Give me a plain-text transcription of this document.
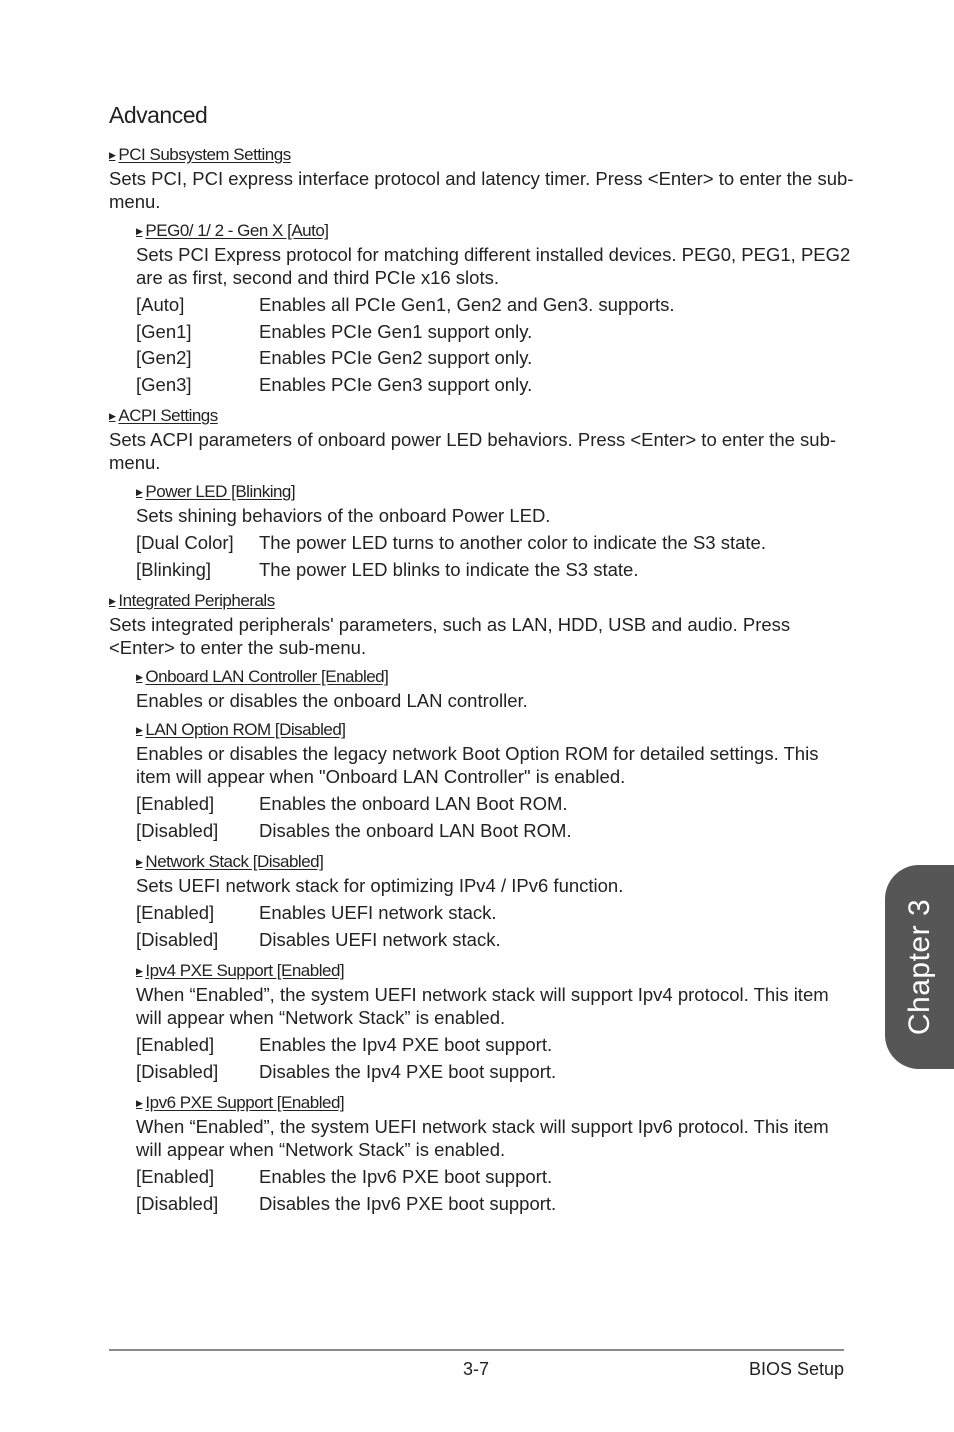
Advanced
▶ PCI Subsystem Settings
Sets PCI, PCI express interface protocol and latency timer. Press <Enter> to enter the sub-menu.
▶ PEG0/ 1/ 2 - Gen X [Auto]
Sets PCI Express protocol for matching different installed devices. PEG0, PEG1, PEG2 are as first, second and third PCIe x16 slots.
[Auto]	Enables all PCIe Gen1, Gen2 and Gen3. supports.
[Gen1]	Enables PCIe Gen1 support only.
[Gen2]	Enables PCIe Gen2 support only.
[Gen3]	Enables PCIe Gen3 support only.
▶ ACPI Settings
Sets ACPI parameters of onboard power LED behaviors. Press <Enter> to enter the sub-menu.
▶ Power LED [Blinking]
Sets shining behaviors of the onboard Power LED.
[Dual Color]	The power LED turns to another color to indicate the S3 state.
[Blinking]	The power LED blinks to indicate the S3 state.
▶ Integrated Peripherals
Sets integrated peripherals' parameters, such as LAN, HDD, USB and audio. Press <Enter> to enter the sub-menu.
▶ Onboard LAN Controller [Enabled]
Enables or disables the onboard LAN controller.
▶ LAN Option ROM [Disabled]
Enables or disables the legacy network Boot Option ROM for detailed settings. This item will appear when "Onboard LAN Controller" is enabled.
[Enabled]	Enables the onboard LAN Boot ROM.
[Disabled]	Disables the onboard LAN Boot ROM.
▶ Network Stack [Disabled]
Sets UEFI network stack for optimizing IPv4 / IPv6 function.
[Enabled]	Enables UEFI network stack.
[Disabled]	Disables UEFI network stack.
▶ Ipv4 PXE Support [Enabled]
When “Enabled”, the system UEFI network stack will support Ipv4 protocol. This item will appear when “Network Stack” is enabled.
[Enabled]	Enables the Ipv4 PXE boot support.
[Disabled]	Disables the Ipv4 PXE boot support.
▶ Ipv6 PXE Support [Enabled]
When “Enabled”, the system UEFI network stack will support Ipv6 protocol. This item will appear when “Network Stack” is enabled.
[Enabled]	Enables the Ipv6 PXE boot support.
[Disabled]	Disables the Ipv6 PXE boot support.
3-7	BIOS Setup
Chapter 3
